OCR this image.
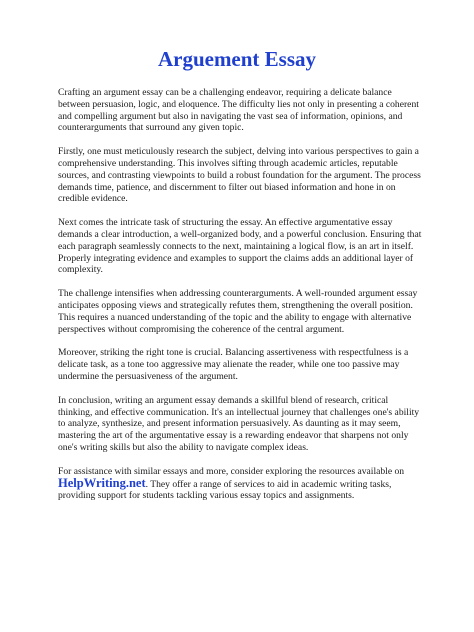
Arguement Essay

Crafting an argument essay can be a challenging endeavor, requiring a delicate balance between persuasion, logic, and eloquence. The difficulty lies not only in presenting a coherent and compelling argument but also in navigating the vast sea of information, opinions, and counterarguments that surround any given topic.

Firstly, one must meticulously research the subject, delving into various perspectives to gain a comprehensive understanding. This involves sifting through academic articles, reputable sources, and contrasting viewpoints to build a robust foundation for the argument. The process demands time, patience, and discernment to filter out biased information and hone in on credible evidence.

Next comes the intricate task of structuring the essay. An effective argumentative essay demands a clear introduction, a well-organized body, and a powerful conclusion. Ensuring that each paragraph seamlessly connects to the next, maintaining a logical flow, is an art in itself. Properly integrating evidence and examples to support the claims adds an additional layer of complexity.

The challenge intensifies when addressing counterarguments. A well-rounded argument essay anticipates opposing views and strategically refutes them, strengthening the overall position. This requires a nuanced understanding of the topic and the ability to engage with alternative perspectives without compromising the coherence of the central argument.

Moreover, striking the right tone is crucial. Balancing assertiveness with respectfulness is a delicate task, as a tone too aggressive may alienate the reader, while one too passive may undermine the persuasiveness of the argument.

In conclusion, writing an argument essay demands a skillful blend of research, critical thinking, and effective communication. It's an intellectual journey that challenges one's ability to analyze, synthesize, and present information persuasively. As daunting as it may seem, mastering the art of the argumentative essay is a rewarding endeavor that sharpens not only one's writing skills but also the ability to navigate complex ideas.

For assistance with similar essays and more, consider exploring the resources available on HelpWriting.net. They offer a range of services to aid in academic writing tasks, providing support for students tackling various essay topics and assignments.
